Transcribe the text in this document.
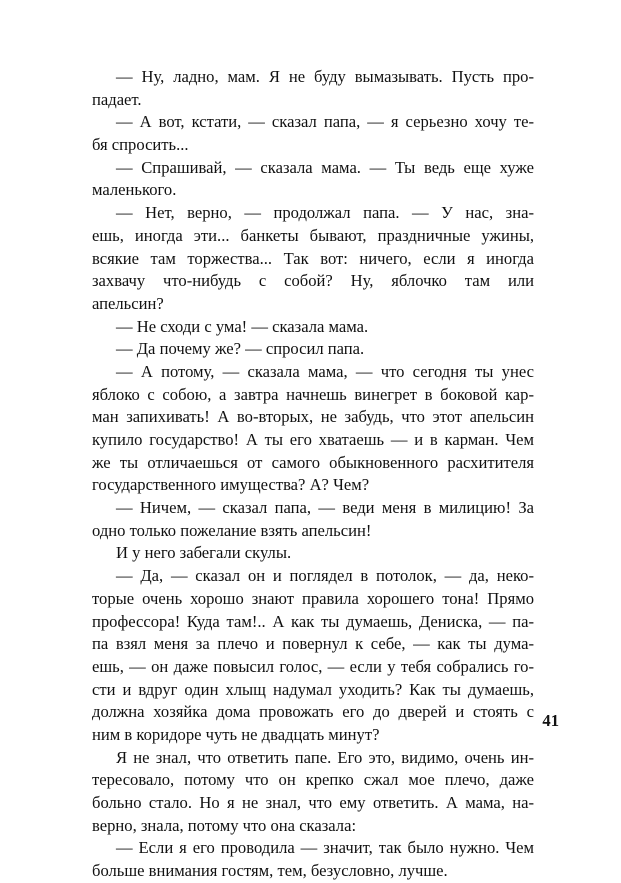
— Ну, ладно, мам. Я не буду вымазывать. Пусть про-
падает.
— А вот, кстати, — сказал папа, — я серьезно хочу те-
бя спросить...
— Спрашивай, — сказала мама. — Ты ведь еще хуже
маленького.
— Нет, верно, — продолжал папа. — У нас, зна-
ешь, иногда эти... банкеты бывают, праздничные ужины,
всякие там торжества... Так вот: ничего, если я иногда
захвачу что-нибудь с собой? Ну, яблочко там или
апельсин?
— Не сходи с ума! — сказала мама.
— Да почему же? — спросил папа.
— А потому, — сказала мама, — что сегодня ты унес
яблоко с собою, а завтра начнешь винегрет в боковой кар-
ман запихивать! А во-вторых, не забудь, что этот апельсин
купило государство! А ты его хватаешь — и в карман. Чем
же ты отличаешься от самого обыкновенного расхитителя
государственного имущества? А? Чем?
— Ничем, — сказал папа, — веди меня в милицию! За
одно только пожелание взять апельсин!
И у него забегали скулы.
— Да, — сказал он и поглядел в потолок, — да, неко-
торые очень хорошо знают правила хорошего тона! Прямо
профессора! Куда там!.. А как ты думаешь, Дениска, — па-
па взял меня за плечо и повернул к себе, — как ты дума-
ешь, — он даже повысил голос, — если у тебя собрались го-
сти и вдруг один хлыщ надумал уходить? Как ты думаешь,
должна хозяйка дома провожать его до дверей и стоять с
ним в коридоре чуть не двадцать минут?
Я не знал, что ответить папе. Его это, видимо, очень ин-
тересовало, потому что он крепко сжал мое плечо, даже
больно стало. Но я не знал, что ему ответить. А мама, на-
верно, знала, потому что она сказала:
— Если я его проводила — значит, так было нужно. Чем
больше внимания гостям, тем, безусловно, лучше.
41
